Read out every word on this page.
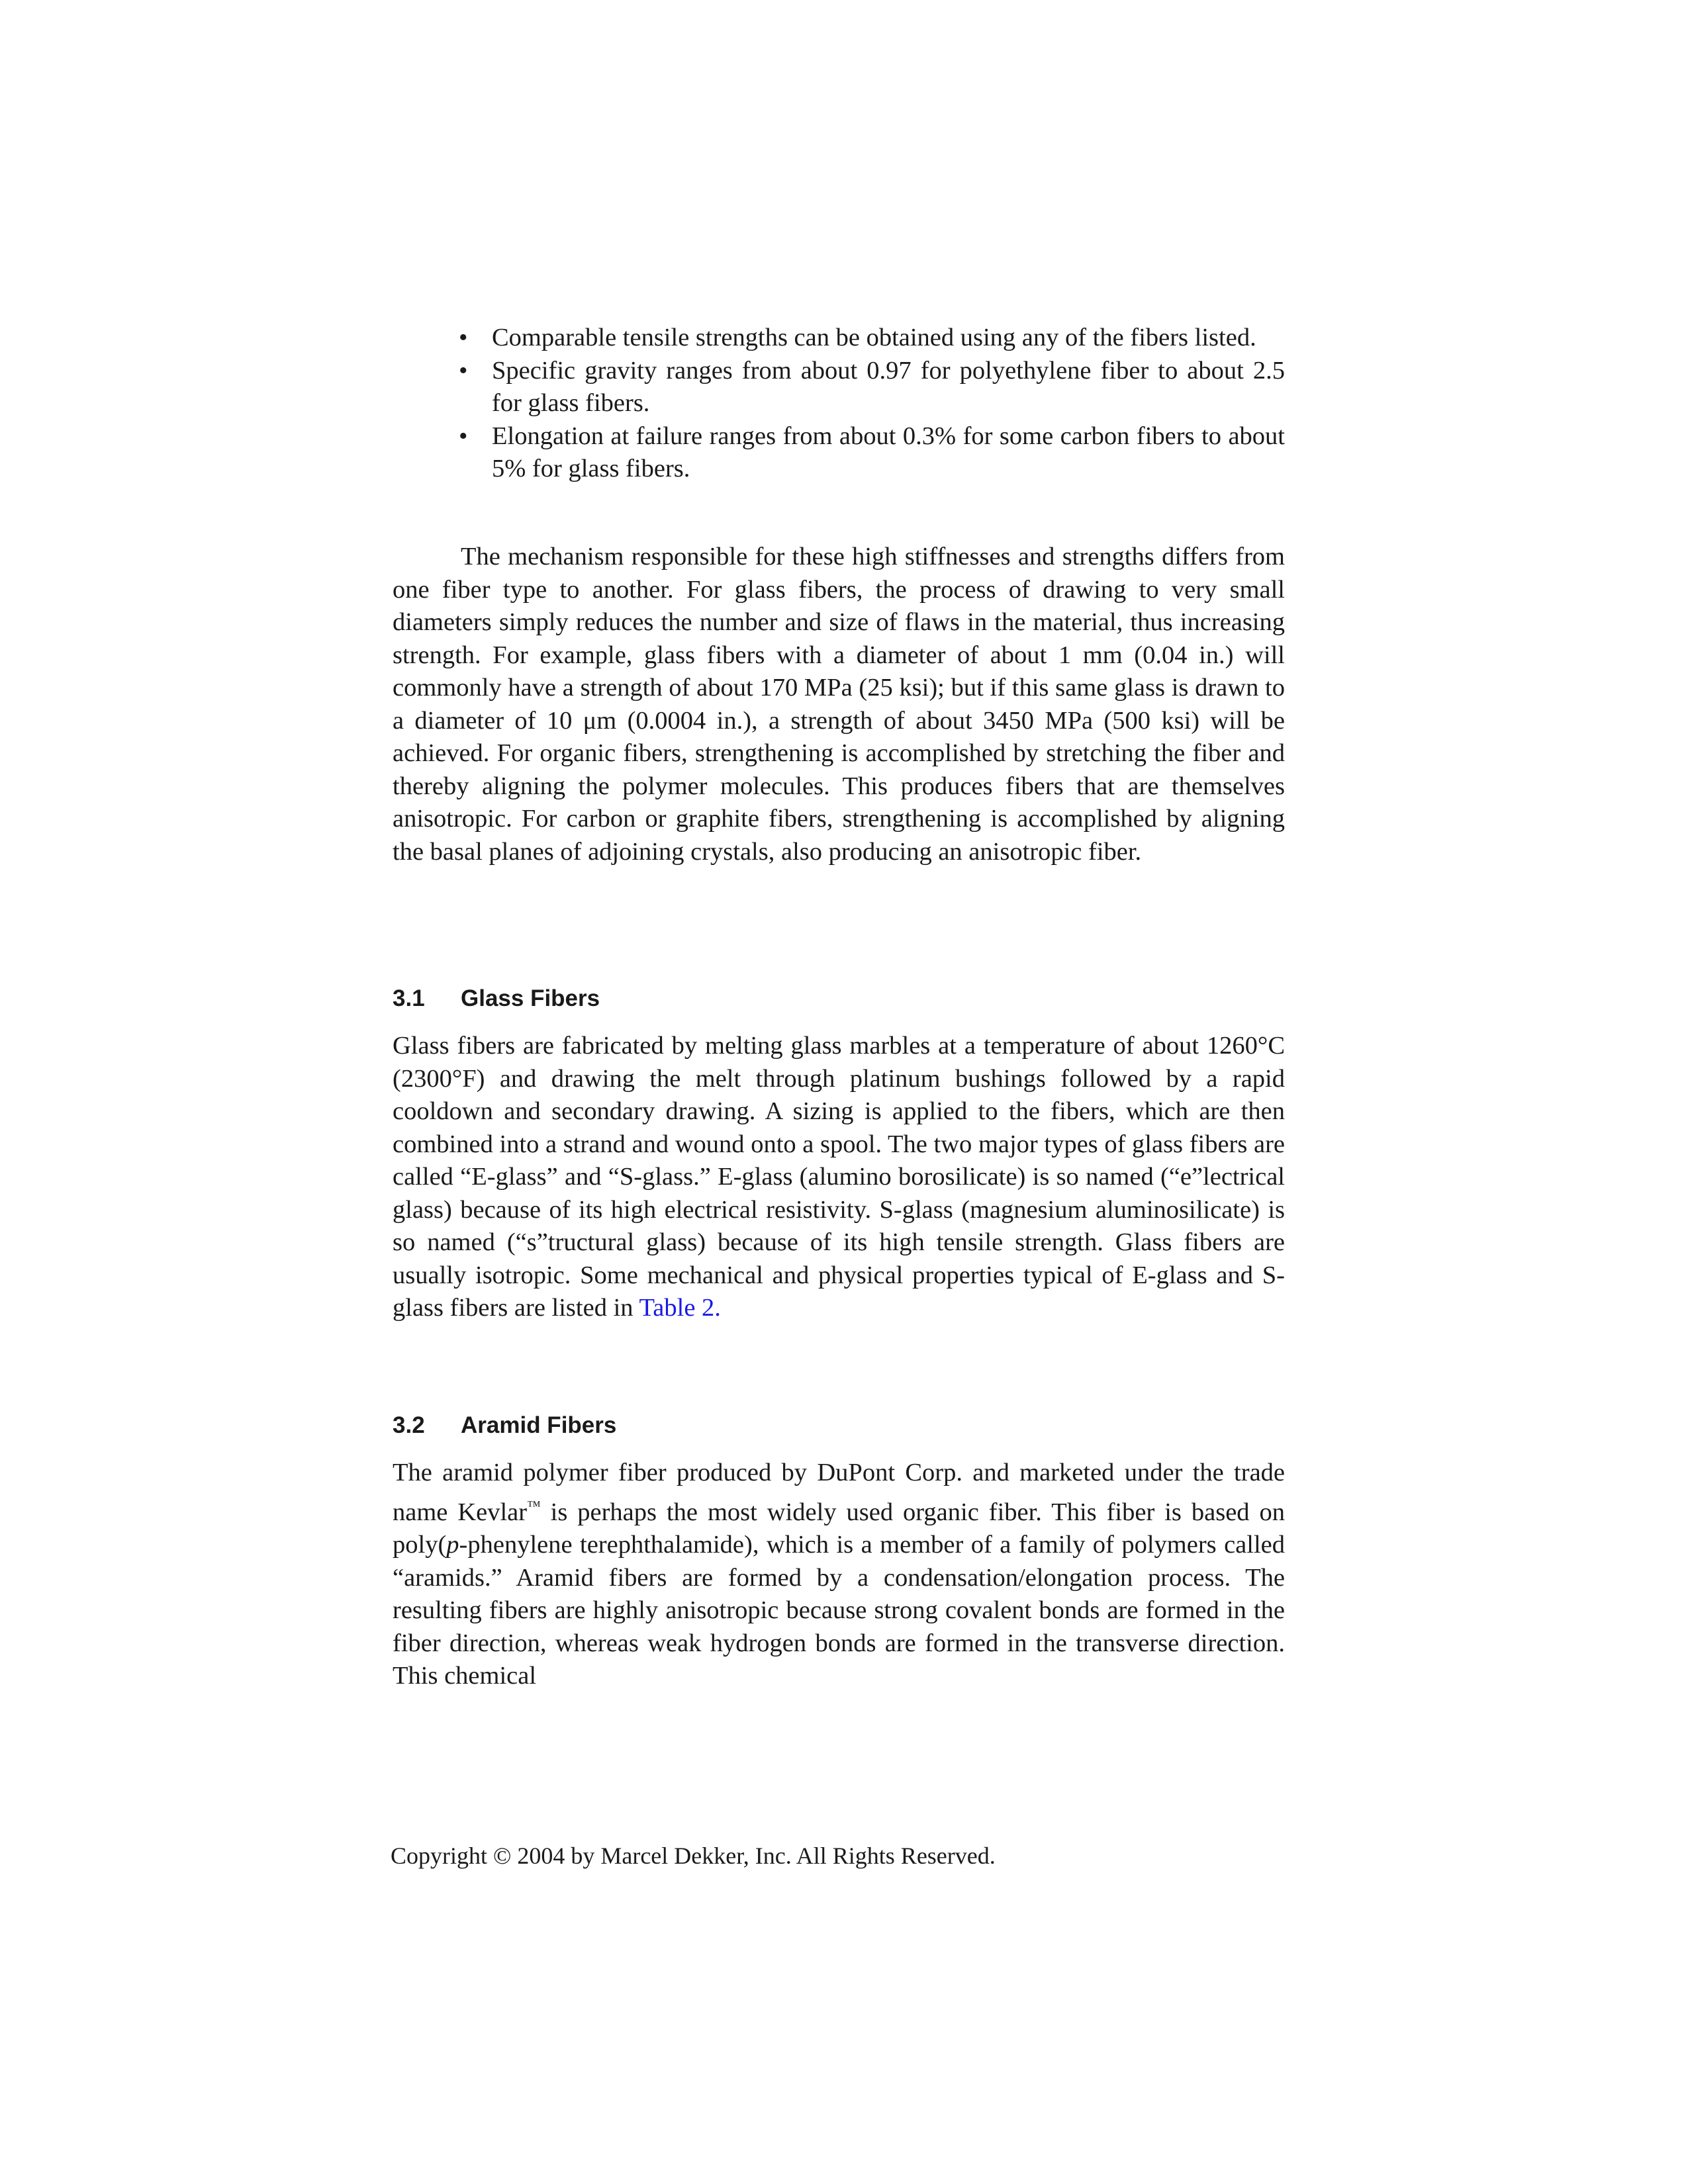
• Comparable tensile strengths can be obtained using any of the fibers listed.
• Specific gravity ranges from about 0.97 for polyethylene fiber to about 2.5 for glass fibers.
• Elongation at failure ranges from about 0.3% for some carbon fibers to about 5% for glass fibers.
The mechanism responsible for these high stiffnesses and strengths differs from one fiber type to another. For glass fibers, the process of drawing to very small diameters simply reduces the number and size of flaws in the material, thus increasing strength. For example, glass fibers with a diameter of about 1 mm (0.04 in.) will commonly have a strength of about 170 MPa (25 ksi); but if this same glass is drawn to a diameter of 10 μm (0.0004 in.), a strength of about 3450 MPa (500 ksi) will be achieved. For organic fibers, strengthening is accomplished by stretching the fiber and thereby aligning the polymer molecules. This produces fibers that are themselves anisotropic. For carbon or graphite fibers, strengthening is accomplished by aligning the basal planes of adjoining crystals, also producing an anisotropic fiber.
3.1 Glass Fibers
Glass fibers are fabricated by melting glass marbles at a temperature of about 1260°C (2300°F) and drawing the melt through platinum bushings followed by a rapid cooldown and secondary drawing. A sizing is applied to the fibers, which are then combined into a strand and wound onto a spool. The two major types of glass fibers are called “E-glass” and “S-glass.” E-glass (alumino borosilicate) is so named (“e”lectrical glass) because of its high electrical resistivity. S-glass (magnesium aluminosilicate) is so named (“s”tructural glass) because of its high tensile strength. Glass fibers are usually isotropic. Some mechanical and physical properties typical of E-glass and S-glass fibers are listed in Table 2.
3.2 Aramid Fibers
The aramid polymer fiber produced by DuPont Corp. and marketed under the trade name Kevlar™ is perhaps the most widely used organic fiber. This fiber is based on poly(p-phenylene terephthalamide), which is a member of a family of polymers called “aramids.” Aramid fibers are formed by a condensation/elongation process. The resulting fibers are highly anisotropic because strong covalent bonds are formed in the fiber direction, whereas weak hydrogen bonds are formed in the transverse direction. This chemical
Copyright © 2004 by Marcel Dekker, Inc. All Rights Reserved.
